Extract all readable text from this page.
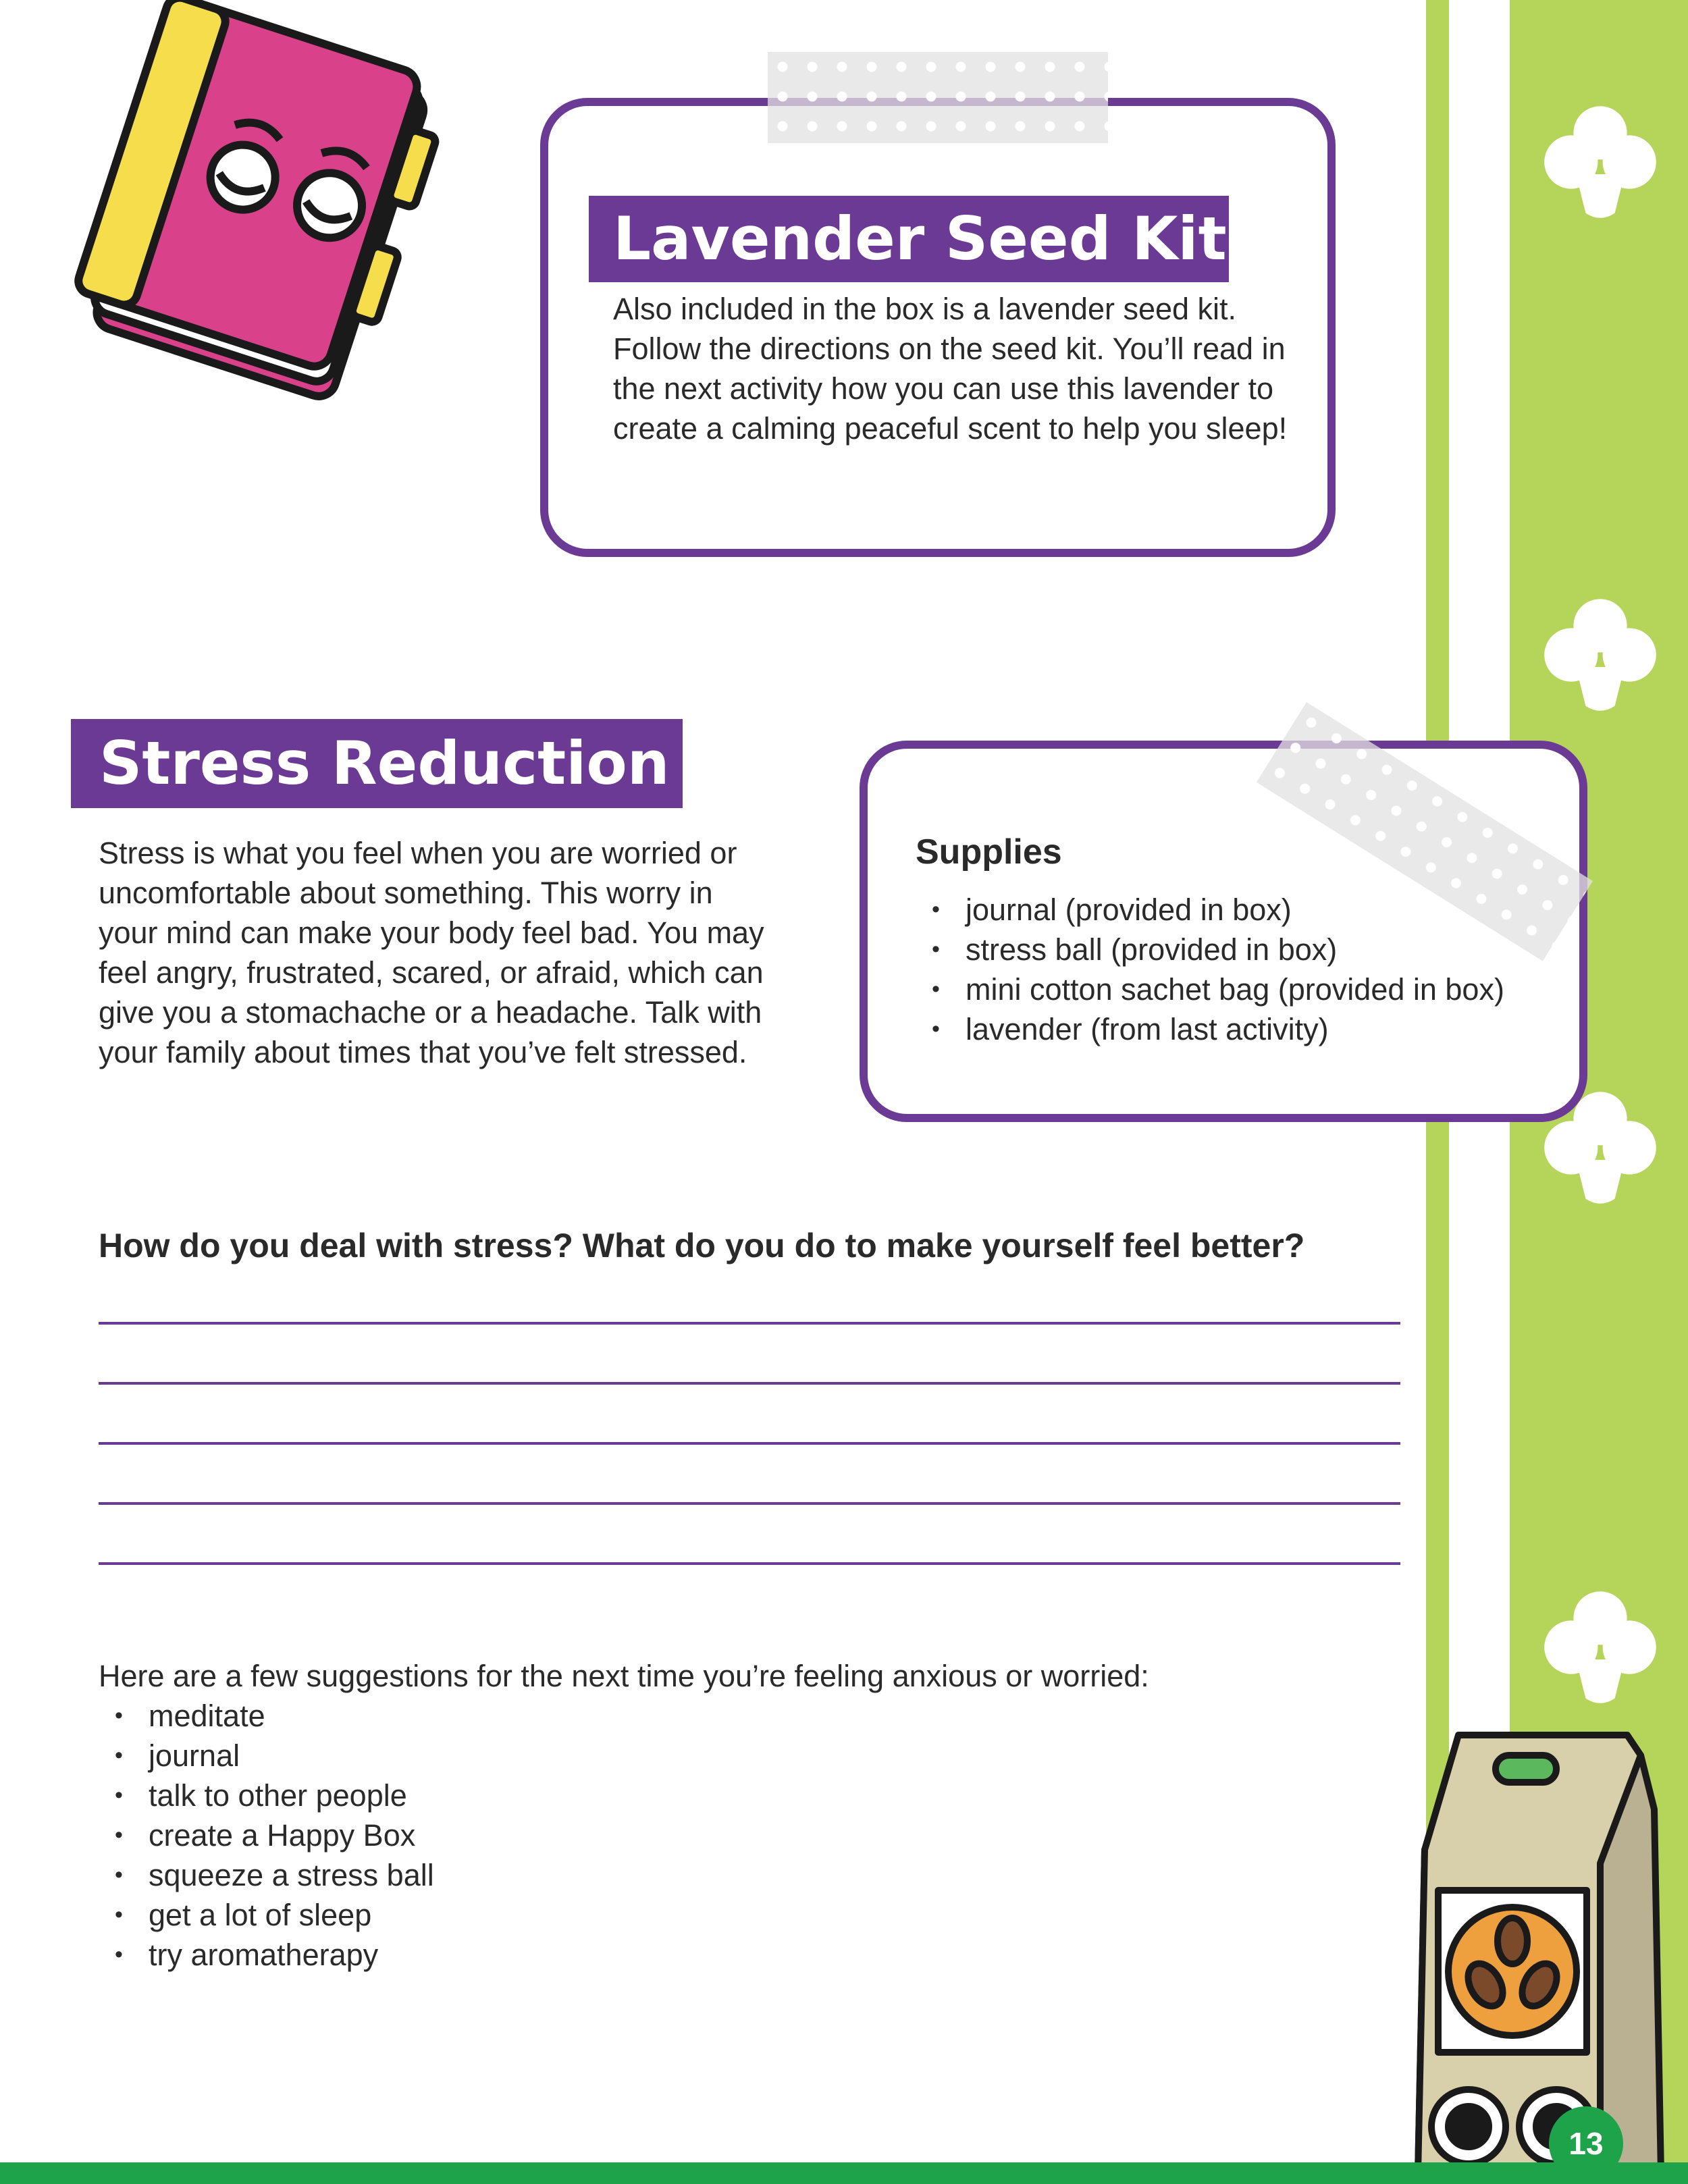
Lavender Seed Kit
Also included in the box is a lavender seed kit. Follow the directions on the seed kit. You’ll read in the next activity how you can use this lavender to create a calming peaceful scent to help you sleep!
Stress Reduction
Stress is what you feel when you are worried or uncomfortable about something. This worry in your mind can make your body feel bad. You may feel angry, frustrated, scared, or afraid, which can give you a stomachache or a headache. Talk with your family about times that you’ve felt stressed.
Supplies
• journal (provided in box)
• stress ball (provided in box)
• mini cotton sachet bag (provided in box)
• lavender (from last activity)
How do you deal with stress? What do you do to make yourself feel better?
Here are a few suggestions for the next time you’re feeling anxious or worried:
• meditate
• journal
• talk to other people
• create a Happy Box
• squeeze a stress ball
• get a lot of sleep
• try aromatherapy
13
